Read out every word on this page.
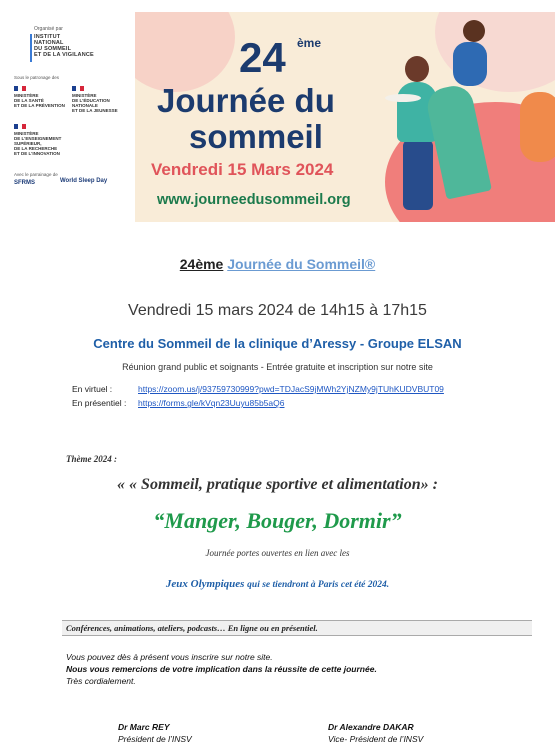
Organisé par
INSTITUT
NATIONAL
DU SOMMEIL
ET DE LA VIGILANCE
Sous le patronage des
MINISTÈRE
DE LA SANTÉ
ET DE LA PRÉVENTION
MINISTÈRE
DE L'ÉDUCATION
NATIONALE
ET DE LA JEUNESSE
MINISTÈRE
DE L'ENSEIGNEMENT
SUPÉRIEUR,
DE LA RECHERCHE
ET DE L'INNOVATION
Avec le parrainage de
SFRMS	World Sleep Day
24 ème
Journée du
sommeil
Vendredi 15 Mars 2024
www.journeedusommeil.org
24ème Journée du Sommeil®
Vendredi 15 mars 2024 de 14h15 à 17h15
Centre du Sommeil de la clinique d’Aressy - Groupe ELSAN
Réunion grand public et soignants - Entrée gratuite et inscription sur notre site
En virtuel :	https://zoom.us/j/93759730999?pwd=TDJacS9jMWh2YjNZMy9jTUhKUDVBUT09
En présentiel : https://forms.gle/kVqn23Uuyu85b5aQ6
Thème 2024 :
« « Sommeil, pratique sportive et alimentation» :
“Manger, Bouger, Dormir”
Journée portes ouvertes en lien avec les
Jeux Olympiques qui se tiendront à Paris cet été 2024.
Conférences, animations, ateliers, podcasts… En ligne ou en présentiel.
Vous pouvez dès à présent vous inscrire sur notre site.
Nous vous remercions de votre implication dans la réussite de cette journée.
Très cordialement.
Dr Marc REY
Président de l’INSV
Dr Alexandre DAKAR
Vice- Président de l’INSV
